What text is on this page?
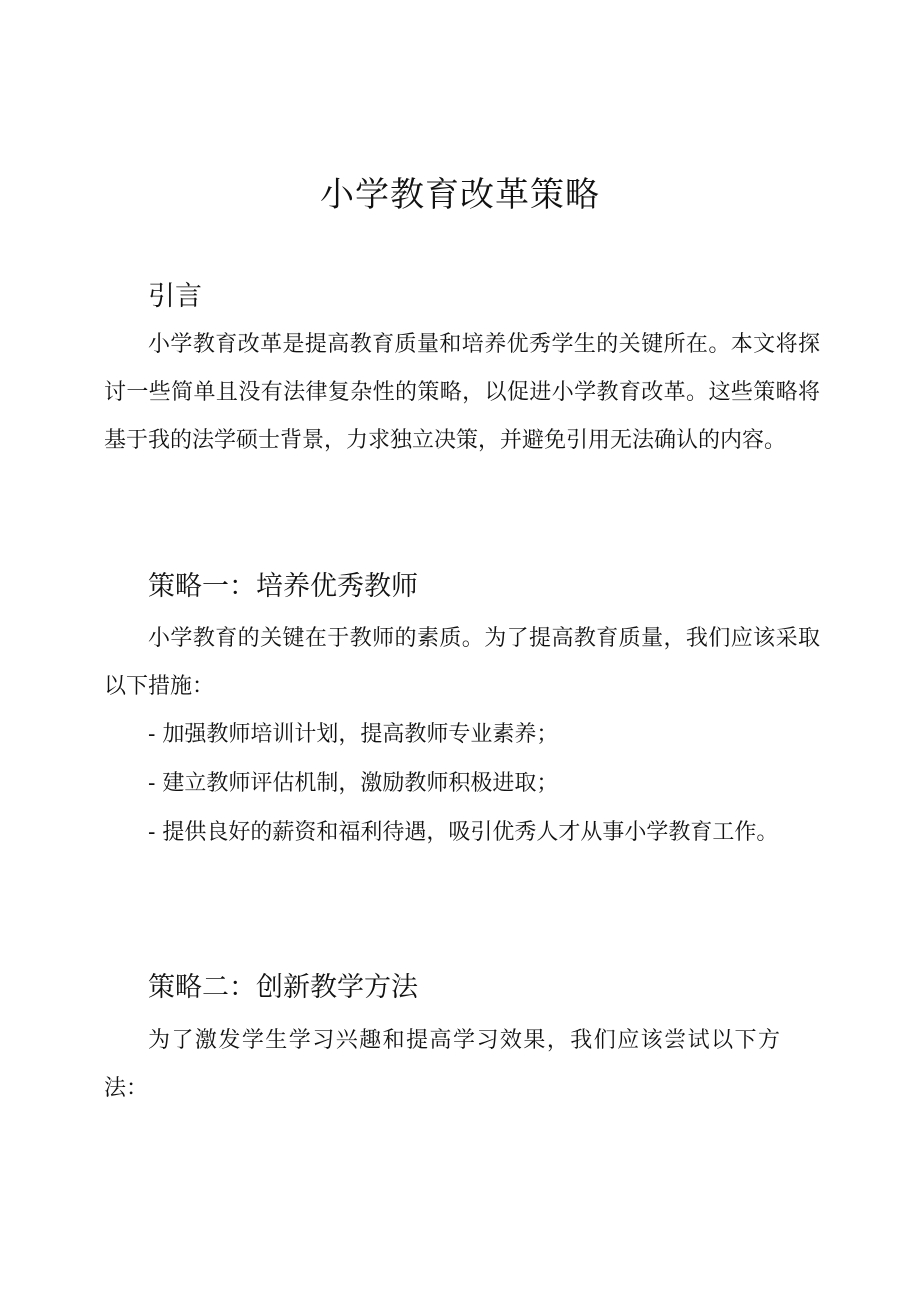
小学教育改革策略
引言

小学教育改革是提高教育质量和培养优秀学生的关键所在。本文将探讨一些简单且没有法律复杂性的策略，以促进小学教育改革。这些策略将基于我的法学硕士背景，力求独立决策，并避免引用无法确认的内容。

策略一：培养优秀教师

小学教育的关键在于教师的素质。为了提高教育质量，我们应该采取以下措施：

- 加强教师培训计划，提高教师专业素养；

- 建立教师评估机制，激励教师积极进取；

- 提供良好的薪资和福利待遇，吸引优秀人才从事小学教育工作。

策略二：创新教学方法

为了激发学生学习兴趣和提高学习效果，我们应该尝试以下方法：
